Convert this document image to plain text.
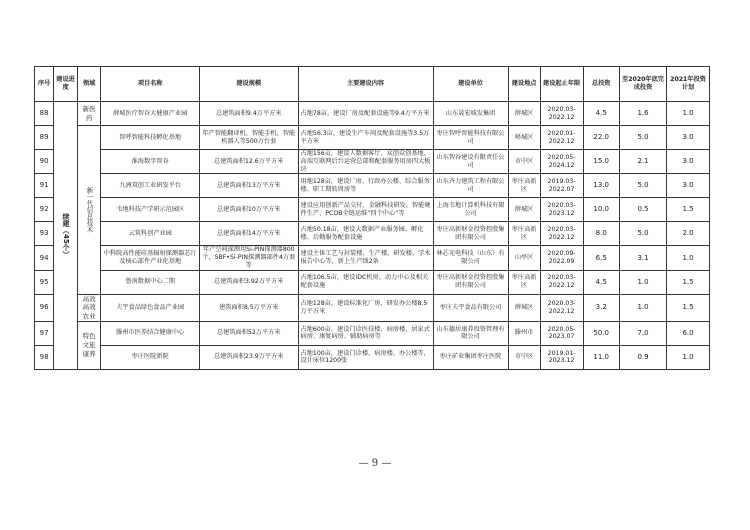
序号	建设进度	领域	项目名称	建设规模	主要建设内容	建设单位	建设地点	建设起止年限	总投资	至2020年底完成投资	2021年投资计划
88	续建（45个）	新医药	薛城医疗智谷大健康产业园	总建筑面积9.4万平方米	占地78亩，建设厂房及配套设施等9.4万平方米	山东晟宏城发集团	薛城区	2020.03-2022.12	4.5	1.6	1.0
89		新一代信息技术	智呼智能科技孵化基地	年产智能翻译机、智能手机、智能机器人等500万台套	占地56.3亩，建设生产车间及配套设施等3.5万平方米	枣庄智呼智能科技有限公司	峄城区	2020.01-2022.12	22.0	5.0	3.0
90			淮海数字智谷	总建筑面积12.6万平方米	占地156亩，建设人数据客厅、众创众创基地、高端互联网后台运营总部和配套服务用房四大板块	山东智谷建设有限责任公司	市中区	2020.05-2024.12	15.0	2.1	3.0
91			九洲双创工业研发平台	总建筑面积13万平方米	用地128亩，建设厂房、行政办公楼、综合服务楼、职工期转周房等	山东齐力建筑工程有限公司	枣庄高新区	2019.03-2022.07	13.0	5.0	3.0
92			韦地科技产学研示范园区	总建筑面积10万平方米	建设应用创新产品交付、金融科技研发、智能硬件生产、PCOB全链运维“四个中心”等	上海韦地计算机科技有限公司	薛城区	2020.03-2023.12	10.0	0.5	1.5
93			云筑科创产业园	总建筑面积14万平方米	占地50.18亩，建设大数据产业服务园、孵化楼、后勤服务配套设施	枣庄高新财金投资控股集团有限公司	枣庄高新区	2020.03-2022.12	8.0	5.0	2.0
94			中科院高性能硅基辐射探测器芯片及核心部件产业化基地	年产空间探测用Si-PIN探测器800个，SBF•Si-PIN探测器部件4万套等	建设主体工艺与封装楼、生产楼、研发楼、学术报告中心等，新上生产线2条	林芯光电科技（山东）有限公司	山亭区	2020.09-2022.09	6.5	3.1	1.0
95			鲁南数据中心二期	总建筑面积3.92万平方米	占地106.5亩，建设IDC机房、动力中心及相关配套设施	枣庄高新财金投资控股集团有限公司	枣庄高新区	2020.03-2022.12	4.5	1.0	1.5
96		高效高效农业	夫宇食品绿色食品产业园	建筑面积8.5万平方米	占地128亩，建设标准化厂房、研发办公楼8.5万平方米	枣庄夫宇食品有限公司	薛城区	2020.03-2022.12	3.2	1.0	1.5
97		特色文旅康养	滕州市医养结合健康中心	总建筑面积52万平方米	占地600亩，建设门诊医技楼、病房楼、居家式病房、康复病房、辅助病房等	山东德居康养投资管理有限公司	滕州市	2020.05-2023.07	50.0	7.0	6.0
98			枣庄医院新院	总建筑面积23.9万平方米	占地100亩，建设门诊楼、病房楼、办公楼等，设计床位1200张	枣庄矿业集团枣庄医院	市中区	2019.01-2023.12	11.0	0.9	1.0
— 9 —
